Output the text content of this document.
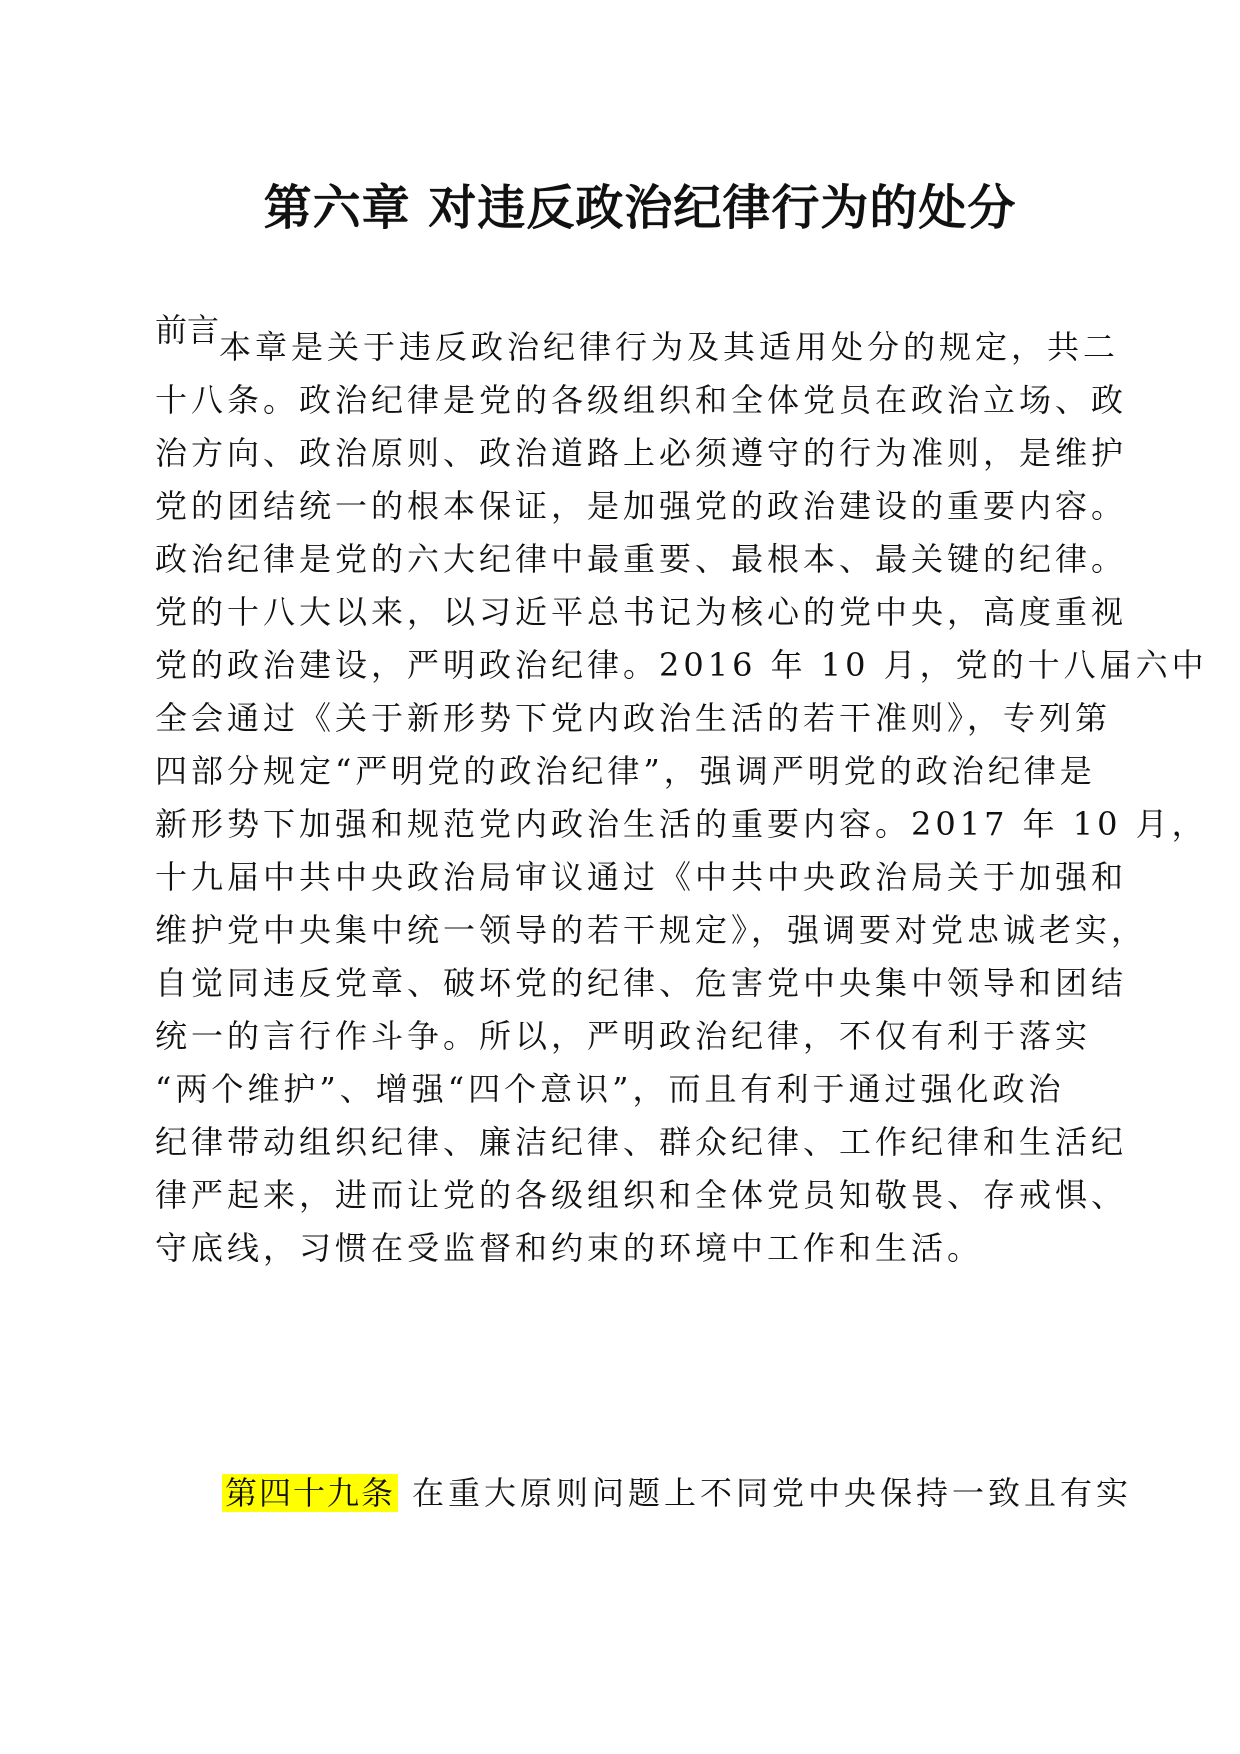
第六章 对违反政治纪律行为的处分
前言 本章是关于违反政治纪律行为及其适用处分的规定，共二
十八条。政治纪律是党的各级组织和全体党员在政治立场、政
治方向、政治原则、政治道路上必须遵守的行为准则，是维护
党的团结统一的根本保证，是加强党的政治建设的重要内容。
政治纪律是党的六大纪律中最重要、最根本、最关键的纪律。
党的十八大以来，以习近平总书记为核心的党中央，高度重视
党的政治建设，严明政治纪律。2016 年 10 月，党的十八届六中
全会通过《关于新形势下党内政治生活的若干准则》，专列第
四部分规定“严明党的政治纪律”，强调严明党的政治纪律是
新形势下加强和规范党内政治生活的重要内容。2017 年 10 月，
十九届中共中央政治局审议通过《中共中央政治局关于加强和
维护党中央集中统一领导的若干规定》，强调要对党忠诚老实，
自觉同违反党章、破坏党的纪律、危害党中央集中领导和团结
统一的言行作斗争。所以，严明政治纪律，不仅有利于落实
“两个维护”、增强“四个意识”，而且有利于通过强化政治
纪律带动组织纪律、廉洁纪律、群众纪律、工作纪律和生活纪
律严起来，进而让党的各级组织和全体党员知敬畏、存戒惧、
守底线，习惯在受监督和约束的环境中工作和生活。
第四十九条 在重大原则问题上不同党中央保持一致且有实
